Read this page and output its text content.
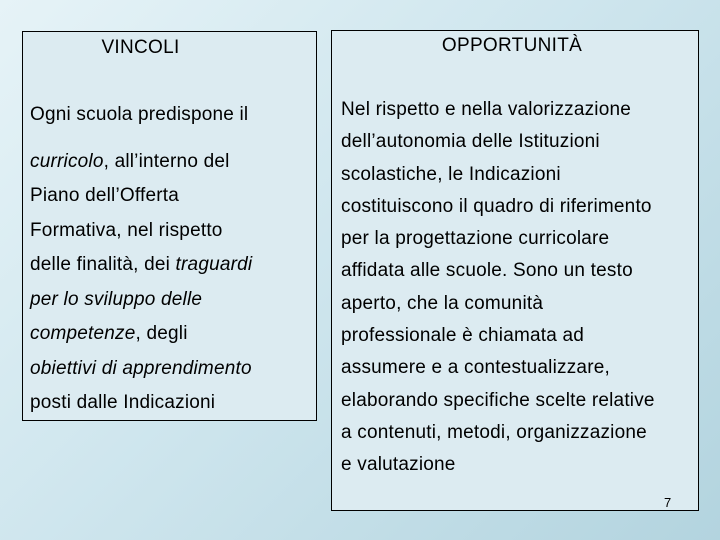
VINCOLI
Ogni scuola predispone il
curricolo, all’interno del
Piano dell’Offerta
Formativa, nel rispetto
delle finalità, dei traguardi
per lo sviluppo delle
competenze, degli
obiettivi di apprendimento
posti dalle Indicazioni
OPPORTUNITÀ
Nel rispetto e nella valorizzazione
dell’autonomia delle Istituzioni
scolastiche, le Indicazioni
costituiscono il quadro di riferimento
per la progettazione curricolare
affidata alle scuole. Sono un testo
aperto, che la comunità
professionale è chiamata ad
assumere e a contestualizzare,
elaborando specifiche scelte relative
a contenuti, metodi, organizzazione
e valutazione
7
